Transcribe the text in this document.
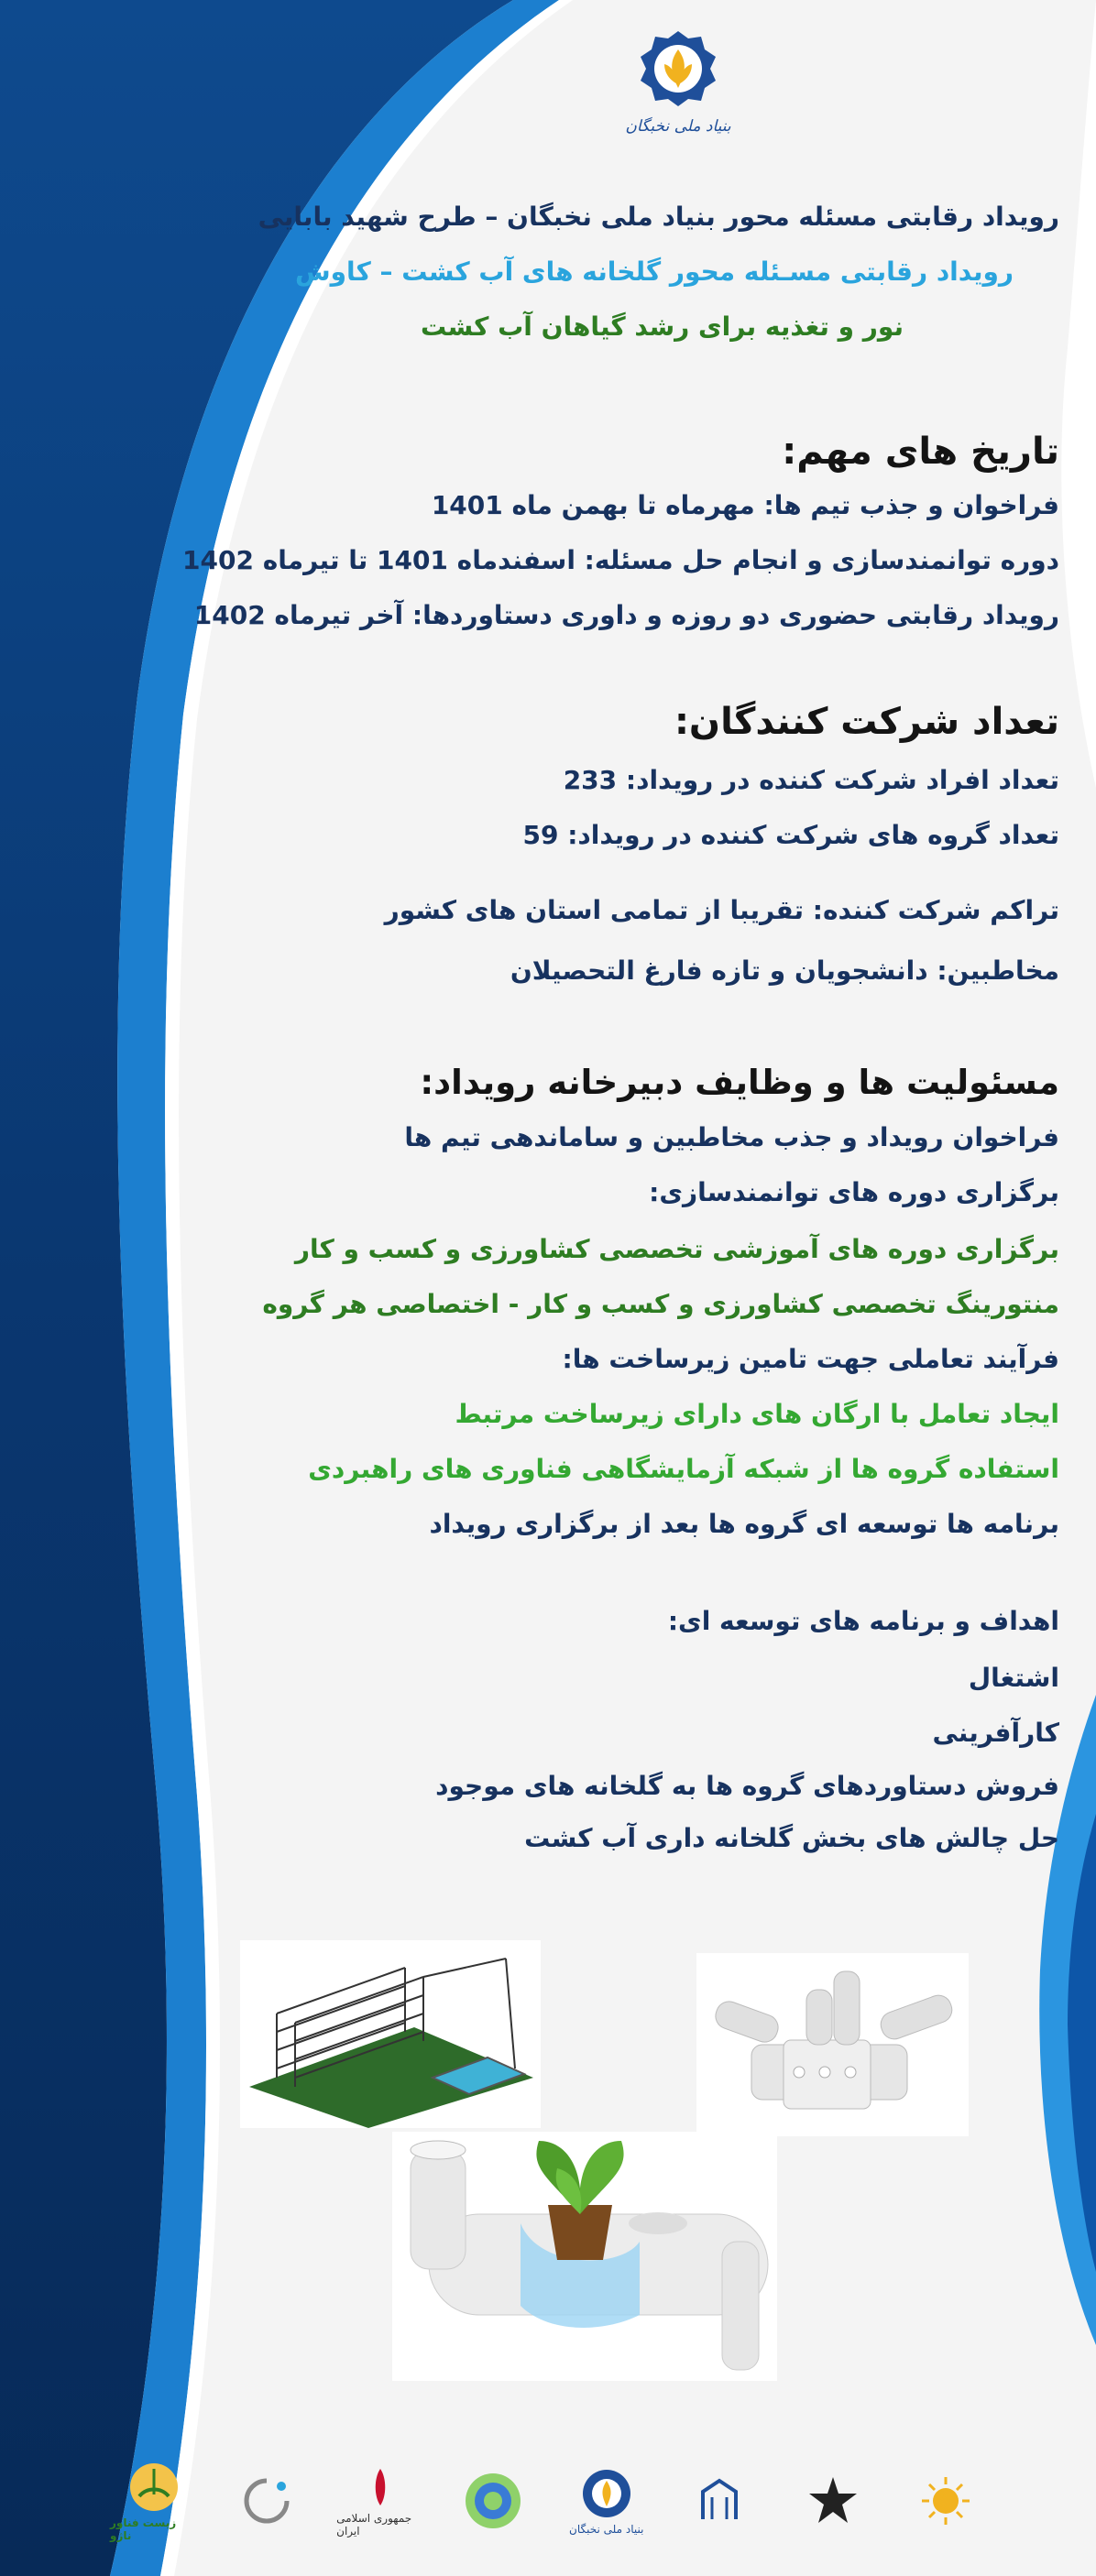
بنیاد ملی نخبگان
رویداد رقابتی مسئله محور بنیاد ملی نخبگان – طرح شهید بابایی
رویداد رقابتی مسـئله محور گلخانه های آب کشت – کاوش
نور و تغذیه برای رشد گیاهان آب کشت
تاریخ های مهم:
فراخوان و جذب تیم ها: مهرماه تا بهمن ماه 1401
دوره توانمندسازی و انجام حل مسئله: اسفندماه 1401 تا تیرماه 1402
رویداد رقابتی حضوری دو روزه و داوری دستاوردها: آخر تیرماه 1402
تعداد شرکت کنندگان:
تعداد افراد شرکت کننده در رویداد: 233
تعداد گروه های شرکت کننده در رویداد: 59
تراکم شرکت کننده: تقریبا از تمامی استان های کشور
مخاطبین: دانشجویان و تازه فارغ التحصیلان
مسئولیت ها و وظایف دبیرخانه رویداد:
فراخوان رویداد و جذب مخاطبین و ساماندهی تیم ها
برگزاری دوره های توانمندسازی:
برگزاری دوره های آموزشی تخصصی کشاورزی و کسب و کار
منتورینگ تخصصی کشاورزی و کسب و کار - اختصاصی هر گروه
فرآیند تعاملی جهت تامین زیرساخت ها:
ایجاد تعامل با ارگان های دارای زیرساخت مرتبط
استفاده گروه ها از شبکه آزمایشگاهی فناوری های راهبردی
برنامه ها توسعه ای گروه ها بعد از برگزاری رویداد
اهداف و برنامه های توسعه ای:
اشتغال
کارآفرینی
فروش دستاوردهای گروه ها به گلخانه های موجود
حل چالش های بخش گلخانه داری آب کشت
زیست فناور ناژو
جمهوری اسلامی ایران	بنیاد ملی نخبگان
